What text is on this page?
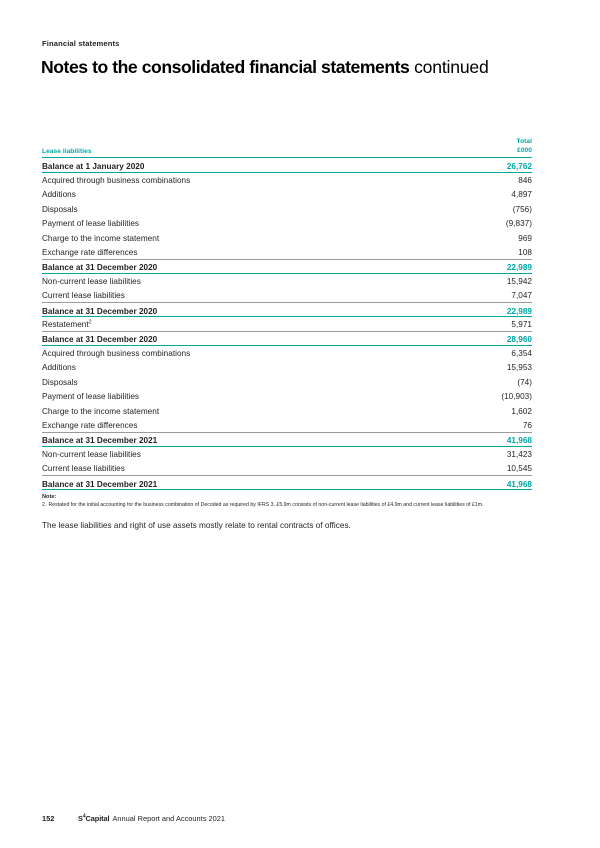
Financial statements
Notes to the consolidated financial statements continued
Lease liabilities
Total
£000
Balance at 1 January 2020	26,762
Acquired through business combinations	846
Additions	4,897
Disposals	(756)
Payment of lease liabilities	(9,837)
Charge to the income statement	969
Exchange rate differences	108
Balance at 31 December 2020	22,989
Non-current lease liabilities	15,942
Current lease liabilities	7,047
Balance at 31 December 2020	22,989
Restatement$^2$	5,971
Balance at 31 December 2020	28,960
Acquired through business combinations	6,354
Additions	15,953
Disposals	(74)
Payment of lease liabilities	(10,903)
Charge to the income statement	1,602
Exchange rate differences	76
Balance at 31 December 2021	41,968
Non-current lease liabilities	31,423
Current lease liabilities	10,545
Balance at 31 December 2021	41,968
Note:
2. Restated for the initial accounting for the business combination of Decoded as required by IFRS 3. £5.9m consists of non-current lease liabilities of £4.9m and current lease liabilities of £1m.
The lease liabilities and right of use assets mostly relate to rental contracts of offices.
152	$S^4Capital$ Annual Report and Accounts 2021
